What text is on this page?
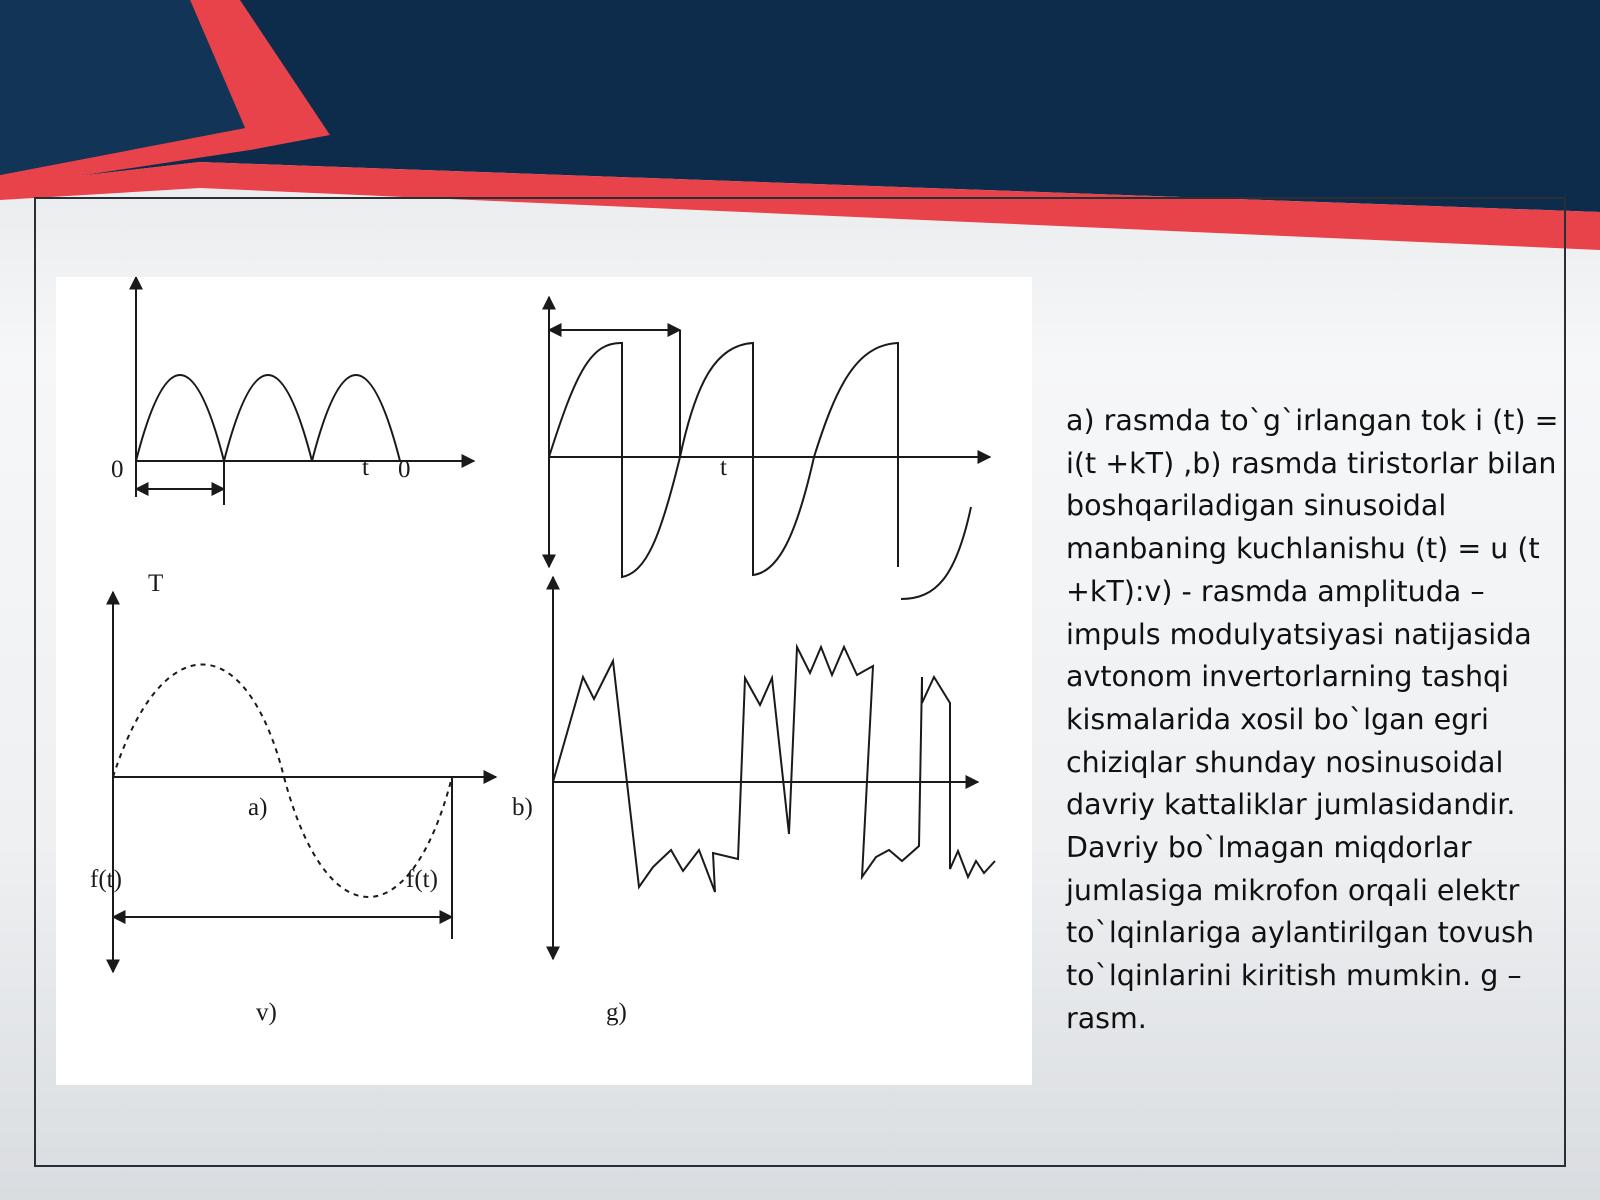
0	t 0
a)
t
b)
T
f(t)	f(t)
v)	g)

a) rasmda to`g`irlangan tok i (t) = i(t +kT) ,b) rasmda tiristorlar bilan boshqariladigan sinusoidal manbaning kuchlanishu (t) = u (t +kT):v) - rasmda amplituda – impuls modulyatsiyasi natijasida avtonom invertorlarning tashqi kismalarida xosil bo`lgan egri chiziqlar shunday nosinusoidal davriy kattaliklar jumlasidandir. Davriy bo`lmagan miqdorlar jumlasiga mikrofon orqali elektr to`lqinlariga aylantirilgan tovush to`lqinlarini kiritish mumkin. g – rasm.
